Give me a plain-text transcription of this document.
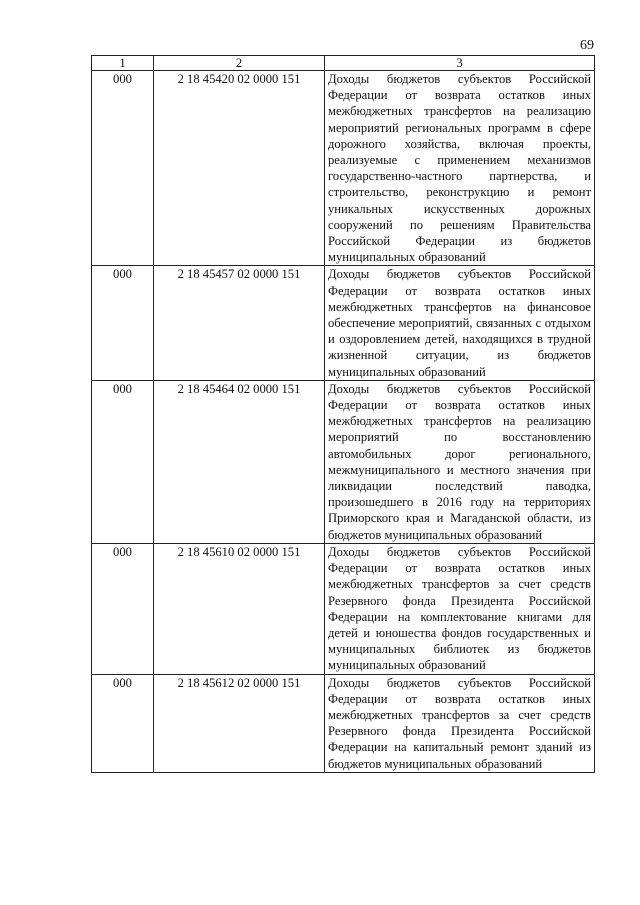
69
1	2	3
000	2 18 45420 02 0000 151	Доходы бюджетов субъектов Российской Федерации от возврата остатков иных межбюджетных трансфертов на реализацию мероприятий региональных программ в сфере дорожного хозяйства, включая проекты, реализуемые с применением механизмов государственно-частного партнерства, и строительство, реконструкцию и ремонт уникальных искусственных дорожных сооружений по решениям Правительства Российской Федерации из бюджетов муниципальных образований
000	2 18 45457 02 0000 151	Доходы бюджетов субъектов Российской Федерации от возврата остатков иных межбюджетных трансфертов на финансовое обеспечение мероприятий, связанных с отдыхом и оздоровлением детей, находящихся в трудной жизненной ситуации, из бюджетов муниципальных образований
000	2 18 45464 02 0000 151	Доходы бюджетов субъектов Российской Федерации от возврата остатков иных межбюджетных трансфертов на реализацию мероприятий по восстановлению автомобильных дорог регионального, межмуниципального и местного значения при ликвидации последствий паводка, произошедшего в 2016 году на территориях Приморского края и Магаданской области, из бюджетов муниципальных образований
000	2 18 45610 02 0000 151	Доходы бюджетов субъектов Российской Федерации от возврата остатков иных межбюджетных трансфертов за счет средств Резервного фонда Президента Российской Федерации на комплектование книгами для детей и юношества фондов государственных и муниципальных библиотек из бюджетов муниципальных образований
000	2 18 45612 02 0000 151	Доходы бюджетов субъектов Российской Федерации от возврата остатков иных межбюджетных трансфертов за счет средств Резервного фонда Президента Российской Федерации на капитальный ремонт зданий из бюджетов муниципальных образований
